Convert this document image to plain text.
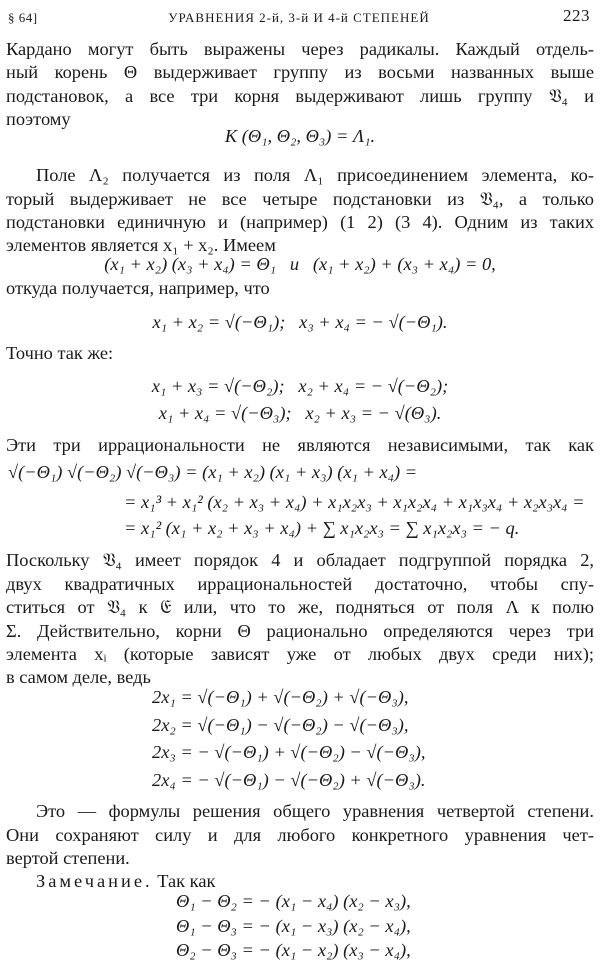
§ 64]	УРАВНЕНИЯ 2-й, 3-й И 4-й СТЕПЕНЕЙ	223
Кардано могут быть выражены через радикалы. Каждый отдель-
ный корень Θ выдерживает группу из восьми названных выше
подстановок, а все три корня выдерживают лишь группу 𝔙₄ и
поэтому
K (Θ₁, Θ₂, Θ₃) = Λ₁.
Поле Λ₂ получается из поля Λ₁ присоединением элемента, ко-
торый выдерживает не все четыре подстановки из 𝔙₄, а только
подстановки единичную и (например) (1 2) (3 4). Одним из таких
элементов является x₁ + x₂. Имеем
(x₁ + x₂) (x₃ + x₄) = Θ₁   и   (x₁ + x₂) + (x₃ + x₄) = 0,
откуда получается, например, что
x₁ + x₂ = √(−Θ₁);   x₃ + x₄ = − √(−Θ₁).
Точно так же:
x₁ + x₃ = √(−Θ₂);   x₂ + x₄ = − √(−Θ₂);
x₁ + x₄ = √(−Θ₃);   x₂ + x₃ = − √(Θ₃).
Эти три иррациональности не являются независимыми, так как
√(−Θ₁) √(−Θ₂) √(−Θ₃) = (x₁ + x₂) (x₁ + x₃) (x₁ + x₄) =
= x₁³ + x₁² (x₂ + x₃ + x₄) + x₁x₂x₃ + x₁x₂x₄ + x₁x₃x₄ + x₂x₃x₄ =
= x₁² (x₁ + x₂ + x₃ + x₄) + ∑ x₁x₂x₃ = ∑ x₁x₂x₃ = − q.
Поскольку 𝔙₄ имеет порядок 4 и обладает подгруппой порядка 2,
двух квадратичных иррациональностей достаточно, чтобы спу-
ститься от 𝔙₄ к 𝔈 или, что то же, подняться от поля Λ к полю
Σ. Действительно, корни Θ рационально определяются через три
элемента xᵢ (которые зависят уже от любых двух среди них);
в самом деле, ведь
2x₁ = √(−Θ₁) + √(−Θ₂) + √(−Θ₃),
2x₂ = √(−Θ₁) − √(−Θ₂) − √(−Θ₃),
2x₃ = − √(−Θ₁) + √(−Θ₂) − √(−Θ₃),
2x₄ = − √(−Θ₁) − √(−Θ₂) + √(−Θ₃).
Это — формулы решения общего уравнения четвертой степени.
Они сохраняют силу и для любого конкретного уравнения чет-
вертой степени.
Замечание. Так как
Θ₁ − Θ₂ = − (x₁ − x₄) (x₂ − x₃),
Θ₁ − Θ₃ = − (x₁ − x₃) (x₂ − x₄),
Θ₂ − Θ₃ = − (x₁ − x₂) (x₃ − x₄),
